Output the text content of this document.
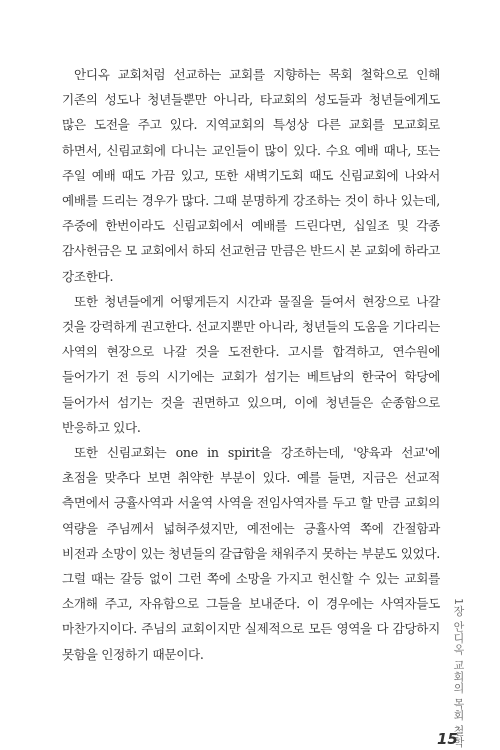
안디옥 교회처럼 선교하는 교회를 지향하는 목회 철학으로 인해 기존의 성도나 청년들뿐만 아니라, 타교회의 성도들과 청년들에게도 많은 도전을 주고 있다. 지역교회의 특성상 다른 교회를 모교회로 하면서, 신림교회에 다니는 교인들이 많이 있다. 수요 예배 때나, 또는 주일 예배 때도 가끔 있고, 또한 새벽기도회 때도 신림교회에 나와서 예배를 드리는 경우가 많다. 그때 분명하게 강조하는 것이 하나 있는데, 주중에 한번이라도 신림교회에서 예배를 드린다면, 십일조 및 각종 감사헌금은 모 교회에서 하되 선교헌금 만큼은 반드시 본 교회에 하라고 강조한다.

또한 청년들에게 어떻게든지 시간과 물질을 들여서 현장으로 나갈 것을 강력하게 권고한다. 선교지뿐만 아니라, 청년들의 도움을 기다리는 사역의 현장으로 나갈 것을 도전한다. 고시를 합격하고, 연수원에 들어가기 전 등의 시기에는 교회가 섬기는 베트남의 한국어 학당에 들어가서 섬기는 것을 권면하고 있으며, 이에 청년들은 순종함으로 반응하고 있다.

또한 신림교회는 one in spirit을 강조하는데, '양육과 선교'에 초점을 맞추다 보면 취약한 부분이 있다. 예를 들면, 지금은 선교적 측면에서 긍휼사역과 서울역 사역을 전임사역자를 두고 할 만큼 교회의 역량을 주님께서 넓혀주셨지만, 예전에는 긍휼사역 쪽에 간절함과 비전과 소망이 있는 청년들의 갈급함을 채워주지 못하는 부분도 있었다. 그럴 때는 갈등 없이 그런 쪽에 소망을 가지고 헌신할 수 있는 교회를 소개해 주고, 자유함으로 그들을 보내준다. 이 경우에는 사역자들도 마찬가지이다. 주님의 교회이지만 실제적으로 모든 영역을 다 감당하지 못함을 인정하기 때문이다.	1장 안디옥 교회의 목회 철학
15
